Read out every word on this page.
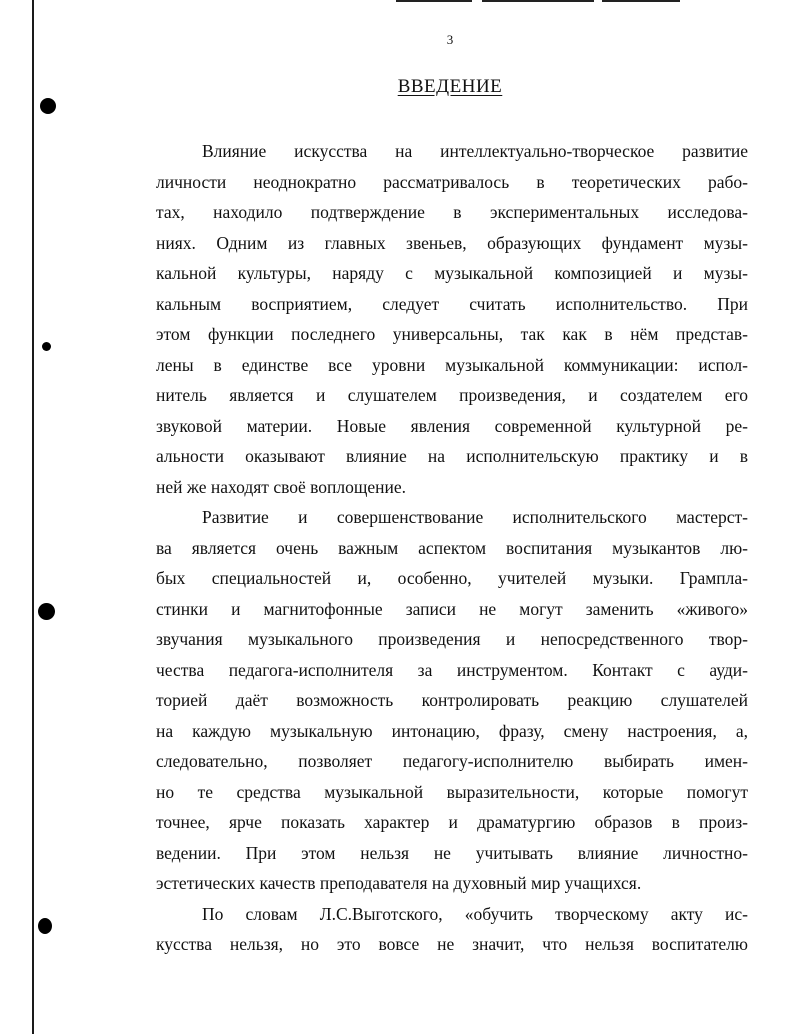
3
ВВЕДЕНИЕ
Влияние искусства на интеллектуально-творческое развитие
личности неоднократно рассматривалось в теоретических рабо-
тах, находило подтверждение в экспериментальных исследова-
ниях. Одним из главных звеньев, образующих фундамент музы-
кальной культуры, наряду с музыкальной композицией и музы-
кальным восприятием, следует считать исполнительство. При
этом функции последнего универсальны, так как в нём представ-
лены в единстве все уровни музыкальной коммуникации: испол-
нитель является и слушателем произведения, и создателем его
звуковой материи. Новые явления современной культурной ре-
альности оказывают влияние на исполнительскую практику и в
ней же находят своё воплощение.
Развитие и совершенствование исполнительского мастерст-
ва является очень важным аспектом воспитания музыкантов лю-
бых специальностей и, особенно, учителей музыки. Грампла-
стинки и магнитофонные записи не могут заменить «живого»
звучания музыкального произведения и непосредственного твор-
чества педагога-исполнителя за инструментом. Контакт с ауди-
торией даёт возможность контролировать реакцию слушателей
на каждую музыкальную интонацию, фразу, смену настроения, а,
следовательно, позволяет педагогу-исполнителю выбирать имен-
но те средства музыкальной выразительности, которые помогут
точнее, ярче показать характер и драматургию образов в произ-
ведении. При этом нельзя не учитывать влияние личностно-
эстетических качеств преподавателя на духовный мир учащихся.
По словам Л.С.Выготского, «обучить творческому акту ис-
кусства нельзя, но это вовсе не значит, что нельзя воспитателю
